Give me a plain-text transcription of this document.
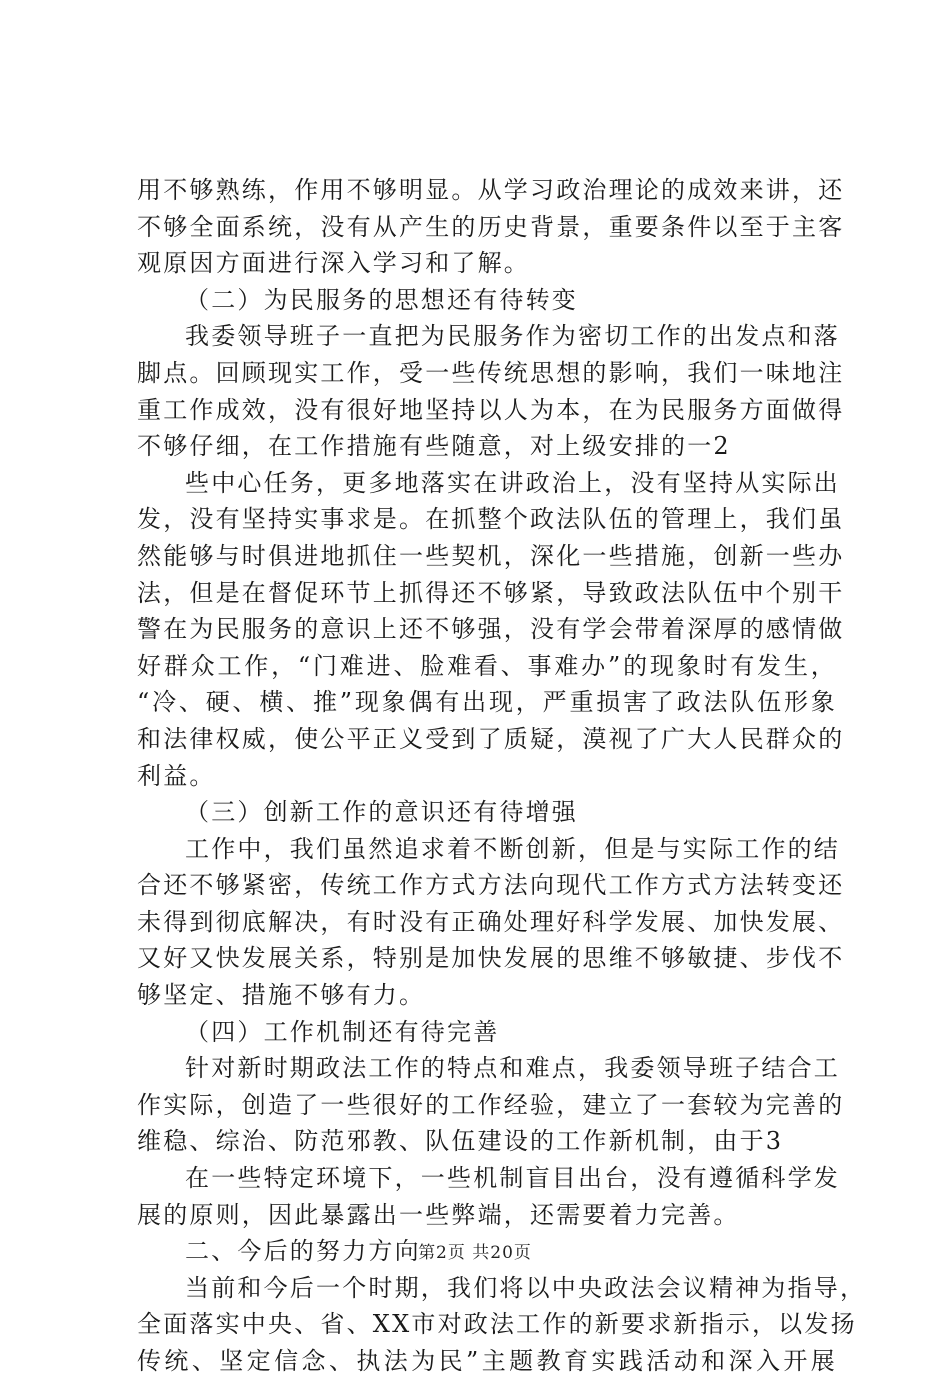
用不够熟练，作用不够明显。从学习政治理论的成效来讲，还
不够全面系统，没有从产生的历史背景，重要条件以至于主客
观原因方面进行深入学习和了解。
（二）为民服务的思想还有待转变
我委领导班子一直把为民服务作为密切工作的出发点和落
脚点。回顾现实工作，受一些传统思想的影响，我们一味地注
重工作成效，没有很好地坚持以人为本，在为民服务方面做得
不够仔细，在工作措施有些随意，对上级安排的一2
些中心任务，更多地落实在讲政治上，没有坚持从实际出
发，没有坚持实事求是。在抓整个政法队伍的管理上，我们虽
然能够与时俱进地抓住一些契机，深化一些措施，创新一些办
法，但是在督促环节上抓得还不够紧，导致政法队伍中个别干
警在为民服务的意识上还不够强，没有学会带着深厚的感情做
好群众工作，“门难进、脸难看、事难办”的现象时有发生，
“冷、硬、横、推”现象偶有出现，严重损害了政法队伍形象
和法律权威，使公平正义受到了质疑，漠视了广大人民群众的
利益。
（三）创新工作的意识还有待增强
工作中，我们虽然追求着不断创新，但是与实际工作的结
合还不够紧密，传统工作方式方法向现代工作方式方法转变还
未得到彻底解决，有时没有正确处理好科学发展、加快发展、
又好又快发展关系，特别是加快发展的思维不够敏捷、步伐不
够坚定、措施不够有力。
（四）工作机制还有待完善
针对新时期政法工作的特点和难点，我委领导班子结合工
作实际，创造了一些很好的工作经验，建立了一套较为完善的
维稳、综治、防范邪教、队伍建设的工作新机制，由于3
在一些特定环境下，一些机制盲目出台，没有遵循科学发
展的原则，因此暴露出一些弊端，还需要着力完善。
二、今后的努力方向
当前和今后一个时期，我们将以中央政法会议精神为指导，
全面落实中央、省、XX市对政法工作的新要求新指示，以发扬
传统、坚定信念、执法为民”主题教育实践活动和深入开展
第2页 共20页
